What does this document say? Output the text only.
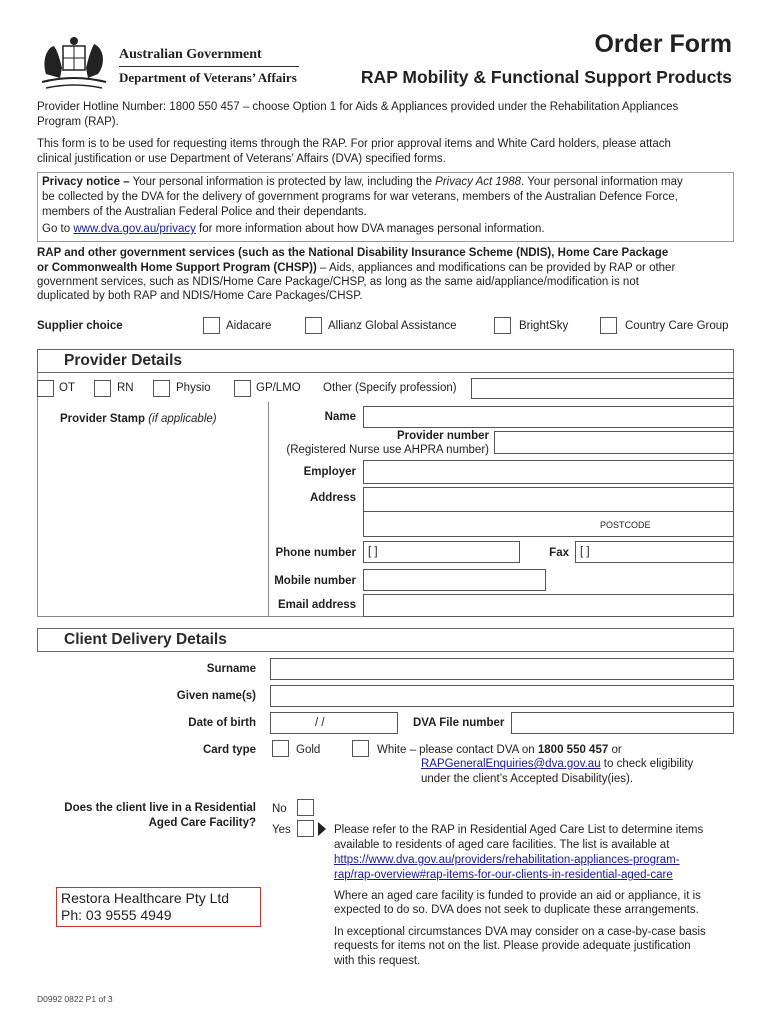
Australian Government
Department of Veterans’ Affairs
Order Form
RAP Mobility & Functional Support Products
Provider Hotline Number: 1800 550 457 – choose Option 1 for Aids & Appliances provided under the Rehabilitation Appliances
Program (RAP).
This form is to be used for requesting items through the RAP. For prior approval items and White Card holders, please attach
clinical justification or use Department of Veterans’ Affairs (DVA) specified forms.
Privacy notice – Your personal information is protected by law, including the Privacy Act 1988. Your personal information may
be collected by the DVA for the delivery of government programs for war veterans, members of the Australian Defence Force,
members of the Australian Federal Police and their dependants.
Go to www.dva.gov.au/privacy for more information about how DVA manages personal information.
RAP and other government services (such as the National Disability Insurance Scheme (NDIS), Home Care Package
or Commonwealth Home Support Program (CHSP)) – Aids, appliances and modifications can be provided by RAP or other
government services, such as NDIS/Home Care Package/CHSP, as long as the same aid/appliance/modification is not
duplicated by both RAP and NDIS/Home Care Packages/CHSP.
Supplier choice	Aidacare	Allianz Global Assistance	BrightSky	Country Care Group
Provider Details
OT	RN	Physio	GP/LMO Other (Specify profession)
Provider Stamp (if applicable)	Name
Provider number
(Registered Nurse use AHPRA number)
Employer
Address
POSTCODE
Phone number [ ]	Fax [ ]
Mobile number
Email address
Client Delivery Details
Surname
Given name(s)
Date of birth	/ /	DVA File number
Card type	Gold	White – please contact DVA on 1800 550 457 or
RAPGeneralEnquiries@dva.gov.au to check eligibility
under the client’s Accepted Disability(ies).
Does the client live in a Residential
Aged Care Facility?
No
Yes	Please refer to the RAP in Residential Aged Care List to determine items
available to residents of aged care facilities. The list is available at
https://www.dva.gov.au/providers/rehabilitation-appliances-program-
rap/rap-overview#rap-items-for-our-clients-in-residential-aged-care
Where an aged care facility is funded to provide an aid or appliance, it is
expected to do so. DVA does not seek to duplicate these arrangements.
In exceptional circumstances DVA may consider on a case-by-case basis
requests for items not on the list. Please provide adequate justification
with this request.
Restora Healthcare Pty Ltd
Ph: 03 9555 4949
D0992 0822 P1 of 3
